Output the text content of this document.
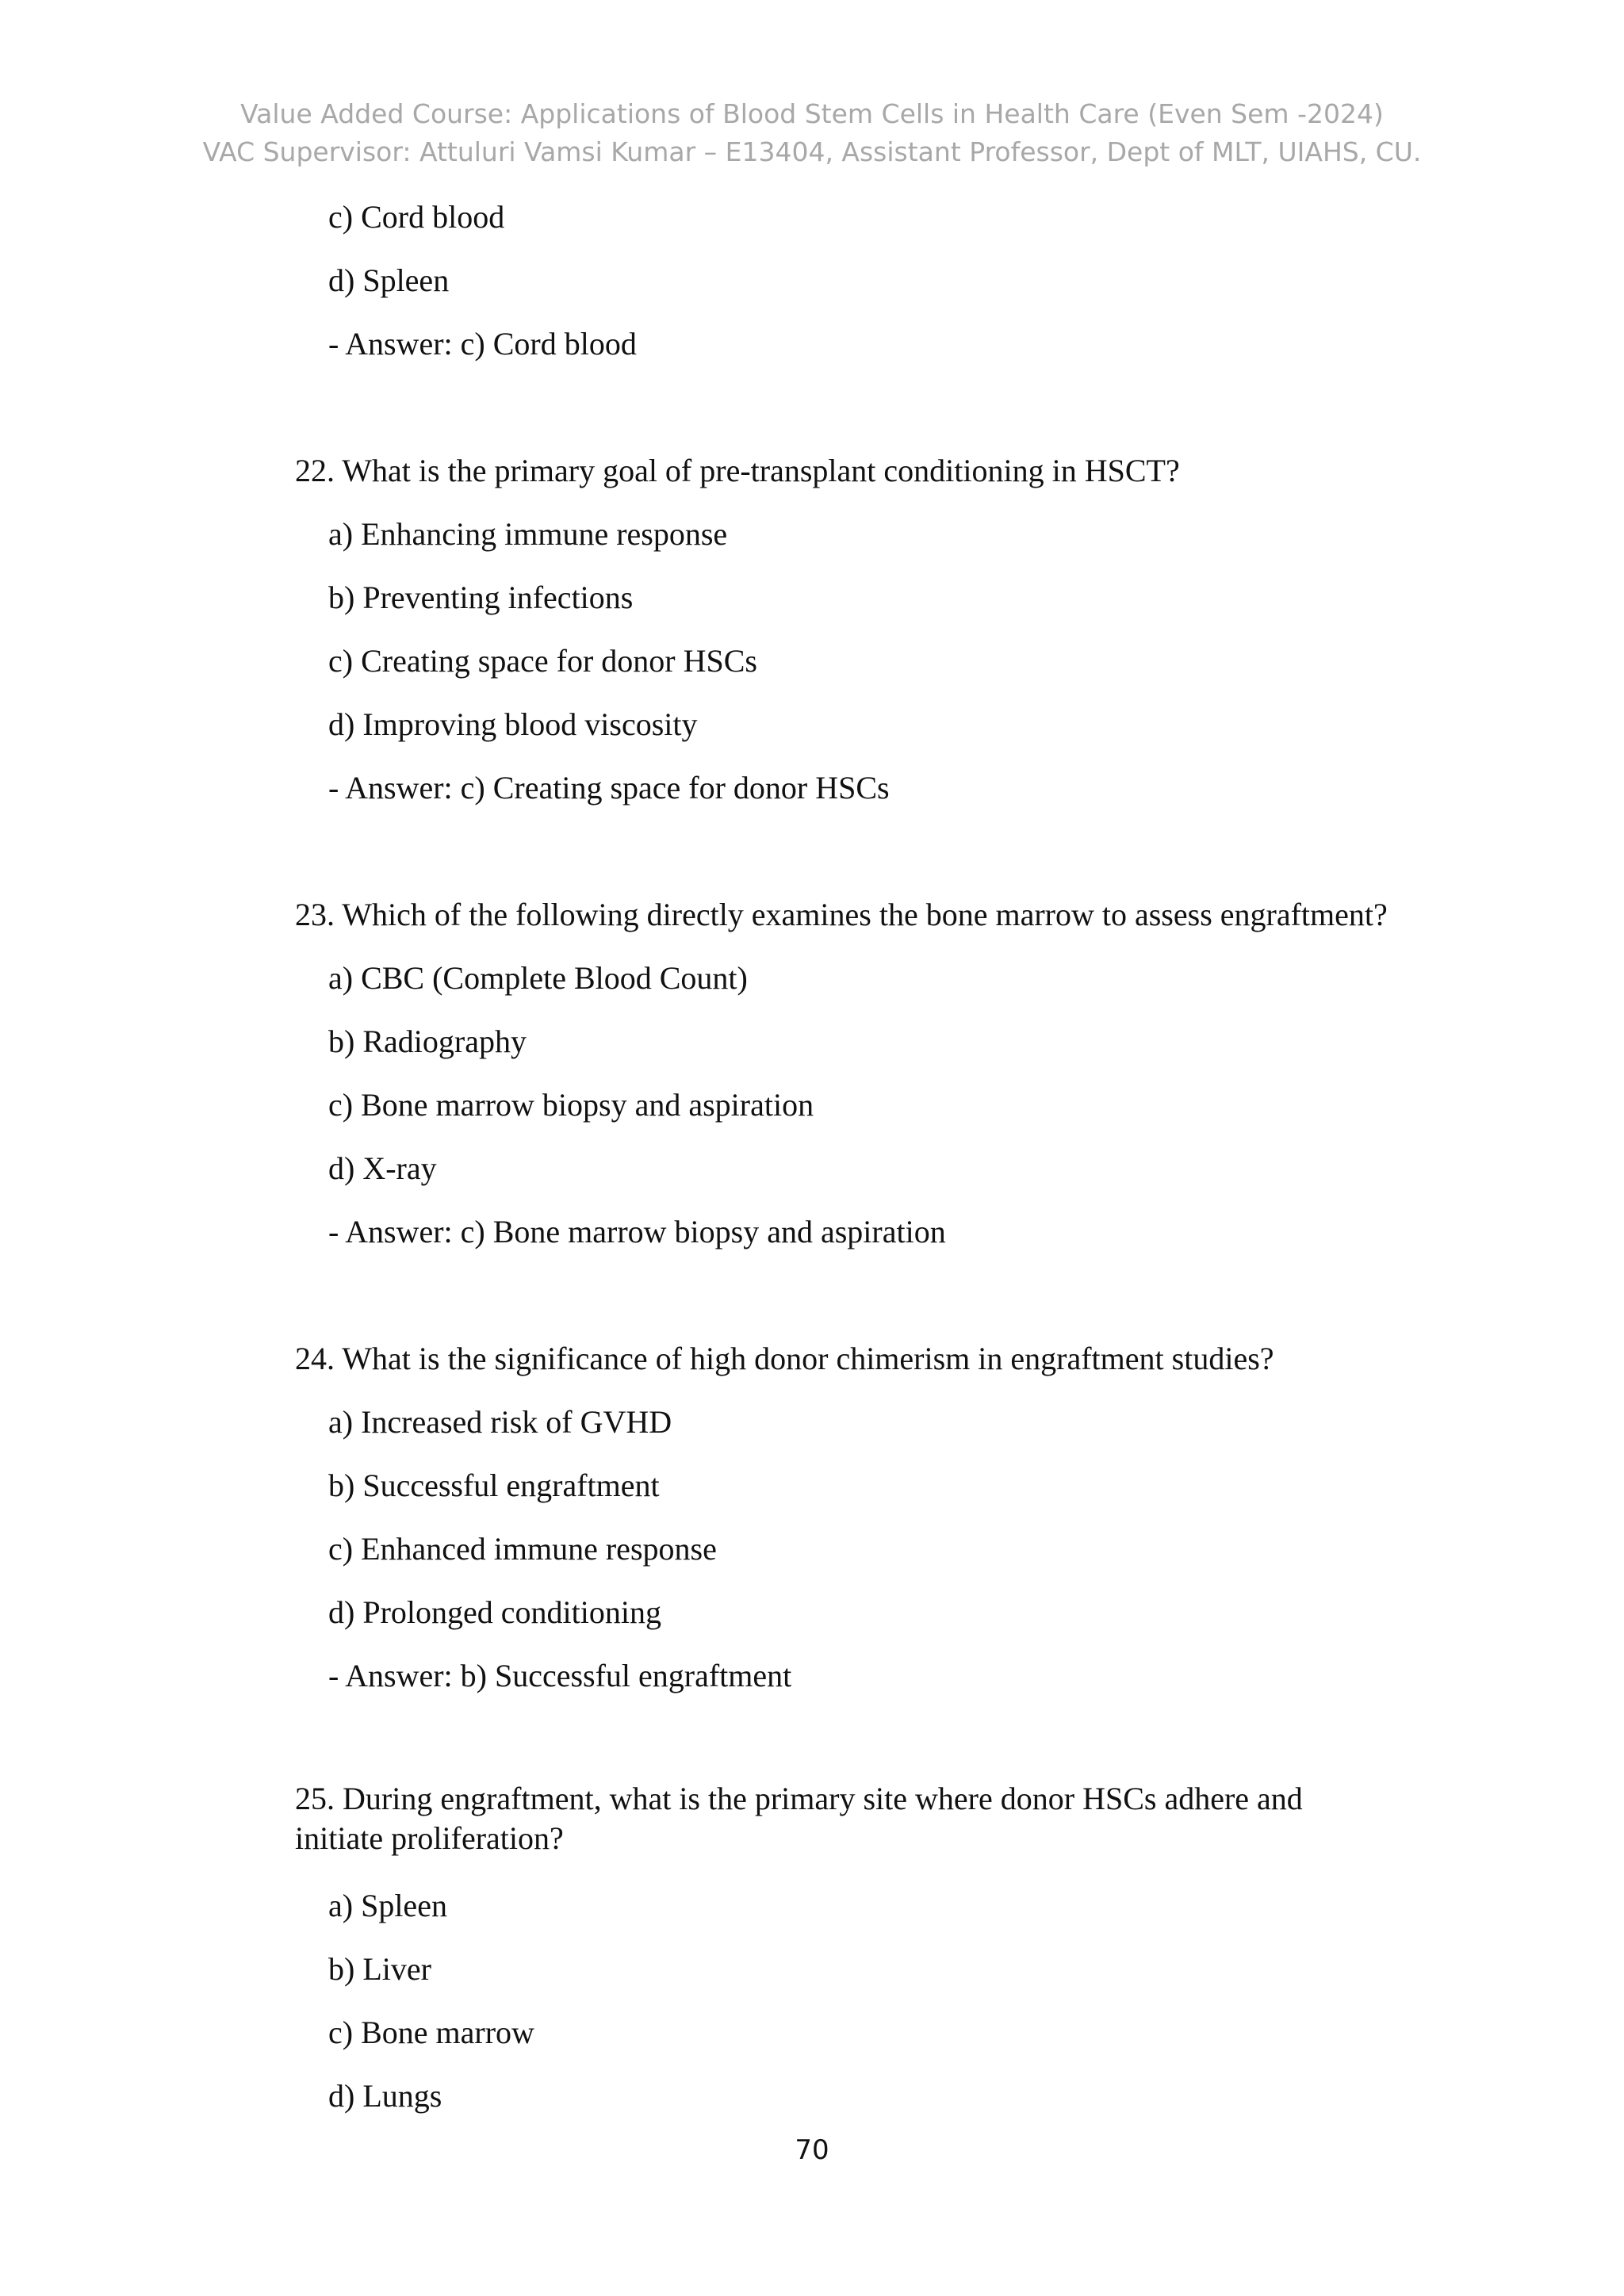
Value Added Course: Applications of Blood Stem Cells in Health Care (Even Sem -2024)
VAC Supervisor: Attuluri Vamsi Kumar – E13404, Assistant Professor, Dept of MLT, UIAHS, CU.
c) Cord blood
d) Spleen
- Answer: c) Cord blood
22. What is the primary goal of pre-transplant conditioning in HSCT?
a) Enhancing immune response
b) Preventing infections
c) Creating space for donor HSCs
d) Improving blood viscosity
- Answer: c) Creating space for donor HSCs
23. Which of the following directly examines the bone marrow to assess engraftment?
a) CBC (Complete Blood Count)
b) Radiography
c) Bone marrow biopsy and aspiration
d) X-ray
- Answer: c) Bone marrow biopsy and aspiration
24. What is the significance of high donor chimerism in engraftment studies?
a) Increased risk of GVHD
b) Successful engraftment
c) Enhanced immune response
d) Prolonged conditioning
- Answer: b) Successful engraftment
25. During engraftment, what is the primary site where donor HSCs adhere and
initiate proliferation?
a) Spleen
b) Liver
c) Bone marrow
d) Lungs
70
